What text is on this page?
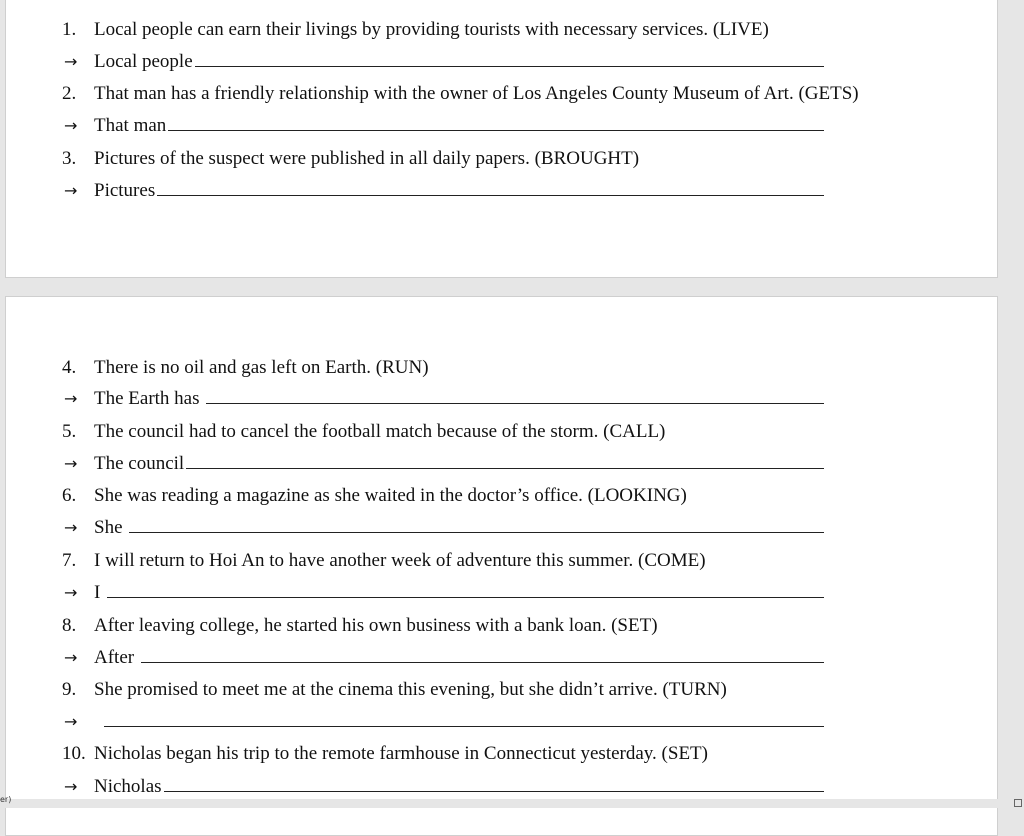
1. Local people can earn their livings by providing tourists with necessary services. (LIVE)
→ Local people
2. That man has a friendly relationship with the owner of Los Angeles County Museum of Art. (GETS)
→ That man
3. Pictures of the suspect were published in all daily papers. (BROUGHT)
→ Pictures
4. There is no oil and gas left on Earth. (RUN)
→ The Earth has
5. The council had to cancel the football match because of the storm. (CALL)
→ The council
6. She was reading a magazine as she waited in the doctor’s office. (LOOKING)
→ She
7. I will return to Hoi An to have another week of adventure this summer. (COME)
→ I
8. After leaving college, he started his own business with a bank loan. (SET)
→ After
9. She promised to meet me at the cinema this evening, but she didn’t arrive. (TURN)
→
10. Nicholas began his trip to the remote farmhouse in Connecticut yesterday. (SET)
→ Nicholas
er)
